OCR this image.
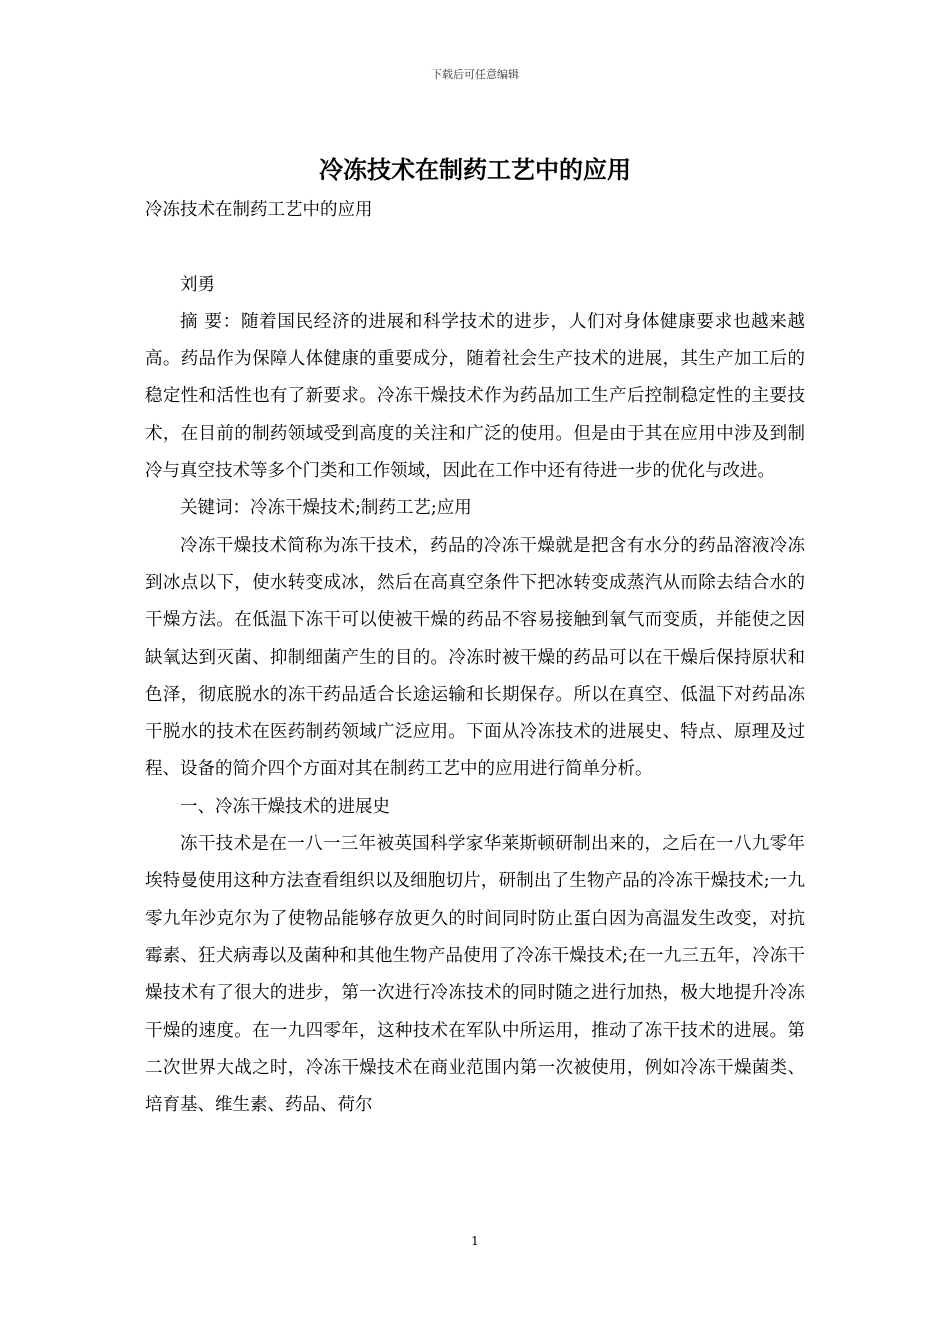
下载后可任意编辑
冷冻技术在制药工艺中的应用

冷冻技术在制药工艺中的应用

刘勇

摘 要：随着国民经济的进展和科学技术的进步，人们对身体健康要求也越来越高。药品作为保障人体健康的重要成分，随着社会生产技术的进展，其生产加工后的稳定性和活性也有了新要求。冷冻干燥技术作为药品加工生产后控制稳定性的主要技术，在目前的制药领域受到高度的关注和广泛的使用。但是由于其在应用中涉及到制冷与真空技术等多个门类和工作领域，因此在工作中还有待进一步的优化与改进。

关键词：冷冻干燥技术;制药工艺;应用

冷冻干燥技术简称为冻干技术，药品的冷冻干燥就是把含有水分的药品溶液冷冻到冰点以下，使水转变成冰，然后在高真空条件下把冰转变成蒸汽从而除去结合水的干燥方法。在低温下冻干可以使被干燥的药品不容易接触到氧气而变质，并能使之因缺氧达到灭菌、抑制细菌产生的目的。冷冻时被干燥的药品可以在干燥后保持原状和色泽，彻底脱水的冻干药品适合长途运输和长期保存。所以在真空、低温下对药品冻干脱水的技术在医药制药领域广泛应用。下面从冷冻技术的进展史、特点、原理及过程、设备的简介四个方面对其在制药工艺中的应用进行简单分析。

一、冷冻干燥技术的进展史

冻干技术是在一八一三年被英国科学家华莱斯顿研制出来的，之后在一八九零年埃特曼使用这种方法查看组织以及细胞切片，研制出了生物产品的冷冻干燥技术;一九零九年沙克尔为了使物品能够存放更久的时间同时防止蛋白因为高温发生改变，对抗霉素、狂犬病毒以及菌种和其他生物产品使用了冷冻干燥技术;在一九三五年，冷冻干燥技术有了很大的进步，第一次进行冷冻技术的同时随之进行加热，极大地提升冷冻干燥的速度。在一九四零年，这种技术在军队中所运用，推动了冻干技术的进展。第二次世界大战之时，冷冻干燥技术在商业范围内第一次被使用，例如冷冻干燥菌类、培育基、维生素、药品、荷尔

1
